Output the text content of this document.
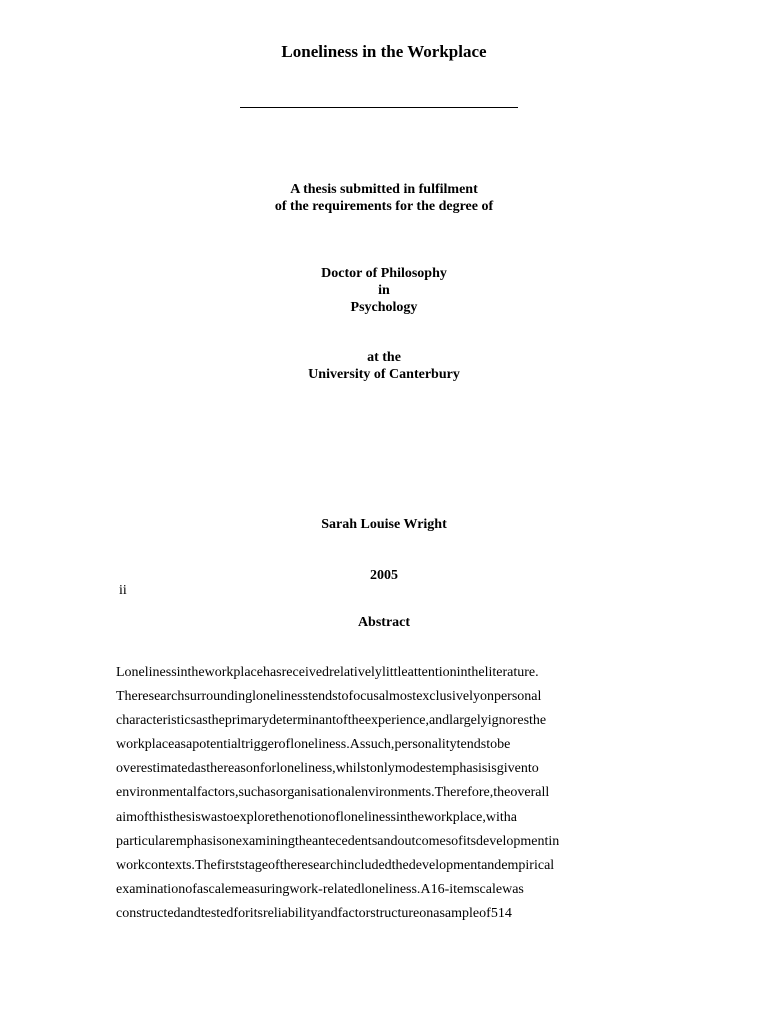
Loneliness in the Workplace
A thesis submitted in fulfilment
of the requirements for the degree of
Doctor of Philosophy
in
Psychology
at the
University of Canterbury
Sarah Louise Wright
2005
ii
Abstract
Lonelinessintheworkplacehasreceivedrelativelylittleattentionintheliterature.
Theresearchsurroundinglonelinesstendstofocusalmostexclusivelyonpersonal
characteristicsastheprimarydeterminantoftheexperience,andlargelyignoresthe
workplaceasapotentialtriggerofloneliness.Assuch,personalitytendstobe
overestimatedasthereasonforloneliness,whilstonlymodestemphasisisgivento
environmentalfactors,suchasorganisationalenvironments.Therefore,theoverall
aimofthisthesiswastoexplorethenotionoflonelinessintheworkplace,witha
particularemphasisonexaminingtheantecedentsandoutcomesofitsdevelopmentin
workcontexts.Thefirststageoftheresearchincludedthedevelopmentandempirical
examinationofascalemeasuringwork-relatedloneliness.A16-itemscalewas
constructedandtestedforitsreliabilityandfactorstructureonasampleof514
